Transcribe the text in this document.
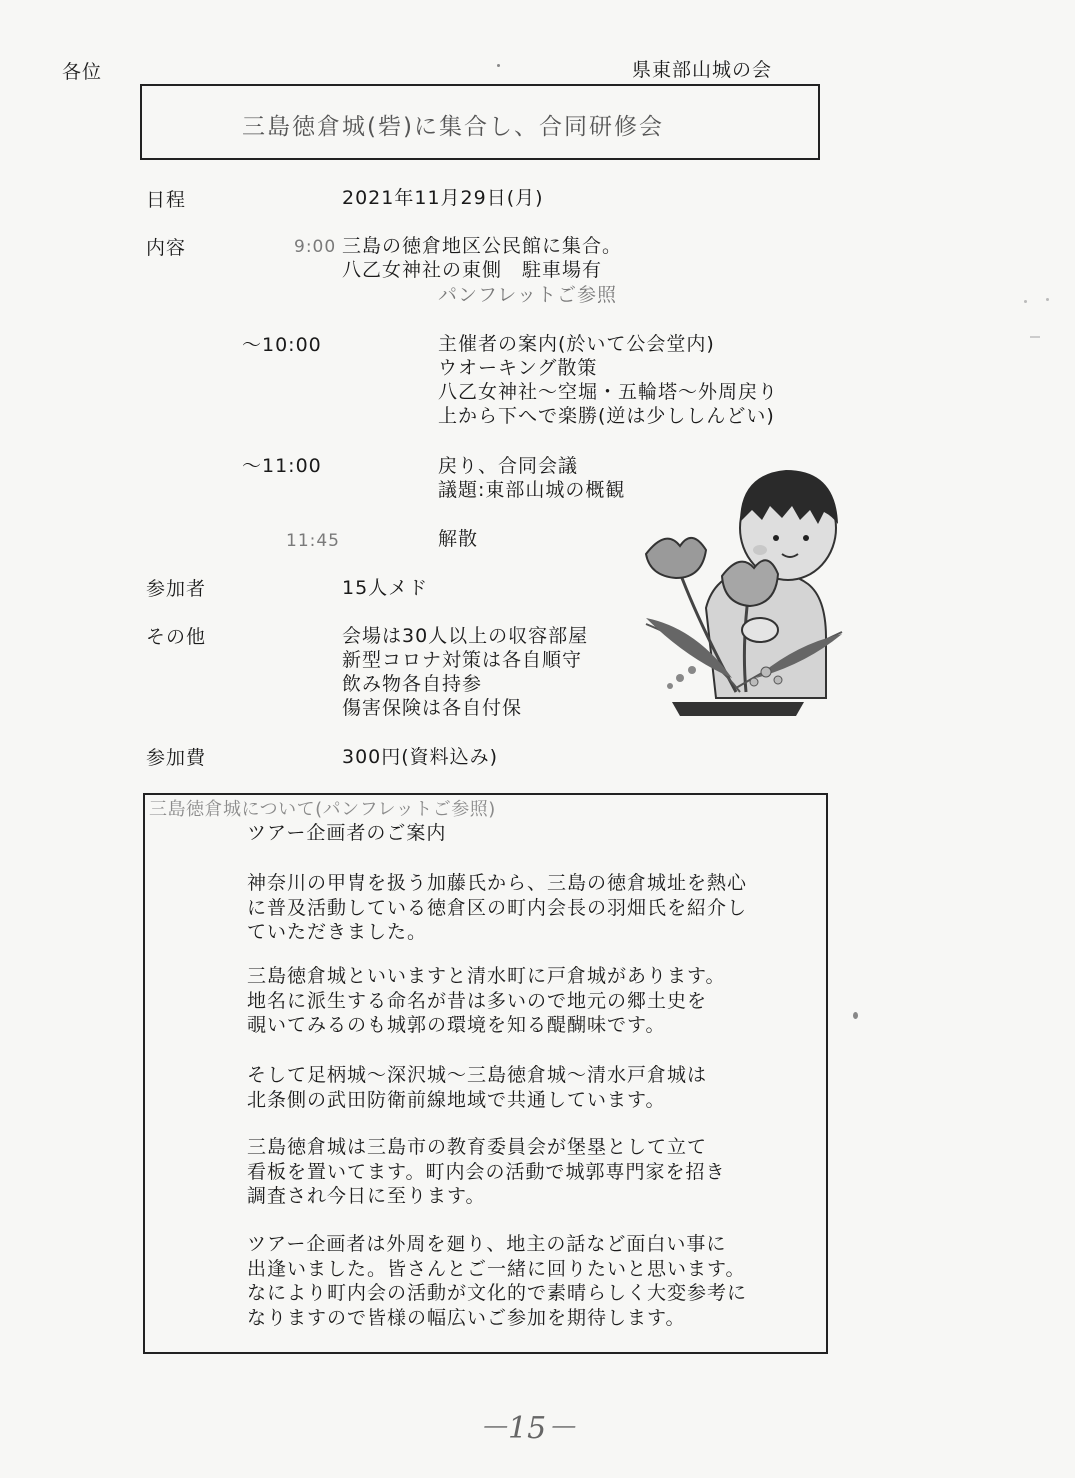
各位	県東部山城の会
三島徳倉城(砦)に集合し、合同研修会
日程	2021年11月29日(月)
内容	9:00 三島の徳倉地区公民館に集合。
八乙女神社の東側　駐車場有
パンフレットご参照
～10:00	主催者の案内(於いて公会堂内)
ウオーキング散策
八乙女神社～空堀・五輪塔～外周戻り
上から下へで楽勝(逆は少ししんどい)
～11:00	戻り、合同会議
議題:東部山城の概観
11:45	解散
参加者	15人メド
その他	会場は30人以上の収容部屋
新型コロナ対策は各自順守
飲み物各自持参
傷害保険は各自付保
参加費	300円(資料込み)
三島徳倉城について(パンフレットご参照)
ツアー企画者のご案内
神奈川の甲冑を扱う加藤氏から、三島の徳倉城址を熱心
に普及活動している徳倉区の町内会長の羽畑氏を紹介し
ていただきました。
三島徳倉城といいますと清水町に戸倉城があります。
地名に派生する命名が昔は多いので地元の郷土史を
覗いてみるのも城郭の環境を知る醍醐味です。
そして足柄城～深沢城～三島徳倉城～清水戸倉城は
北条側の武田防衛前線地域で共通しています。
三島徳倉城は三島市の教育委員会が堡塁として立て
看板を置いてます。町内会の活動で城郭専門家を招き
調査され今日に至ります。
ツアー企画者は外周を廻り、地主の話など面白い事に
出逢いました。皆さんとご一緒に回りたいと思います。
なにより町内会の活動が文化的で素晴らしく大変参考に
なりますので皆様の幅広いご参加を期待します。
－15－
